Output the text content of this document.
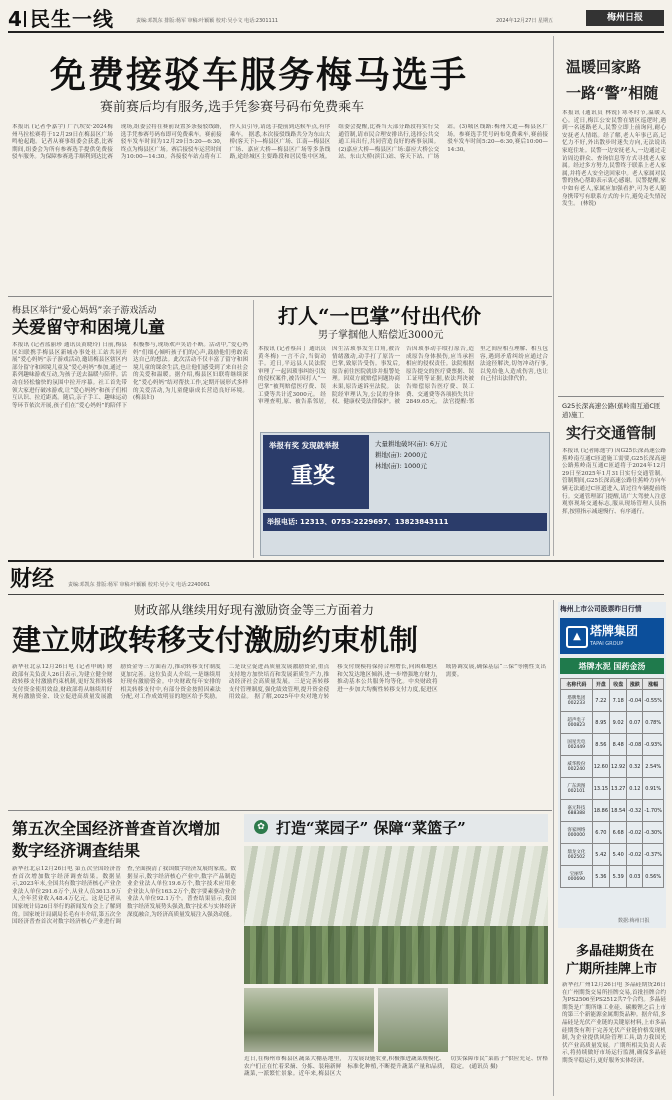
4 民生一线	责编:邓凯东 排版:杨军 审稿:叶颖颖 校对:吴小文 电话:2301111	梅州日报
2024年12月27日 星期五
免费接驳车服务梅马选手
赛前赛后均有服务,选手凭参赛号码布免费乘车
本报讯 (记者李嘉宇) 广汽埃安·2024梅州马拉松赛将于12月29日在梅县区广场鸣枪起跑。记者从赛事组委会获悉,比赛期间,组委会为所有参赛选手提供免费接驳车服务。为保障参赛选手顺利到达比赛现场,组委会将在赛前设置多条接驳线路,选手凭参赛号码布即可免费乘车。赛前接驳车发车时间为12月29日5:20—6:30,终点为梅县区广场。赛后接驳车运营时间为10:00—14:30。各接驳车站点将有工作人员引导,请选手提前到达候车点,有序乘车。 据悉,本次接驳线路共分为东山大桥(客天下)—梅县区广场、江南—梅县区广场、嘉应大桥—梅县区广场等多条线路,途经城区主要路段和居民集中区域。组委会提醒,比赛当天部分路段将实行交通管制,请市民合理安排出行,选择公共交通工具出行,共同营造良好的赛事氛围。 (2)嘉应大桥—梅县区广场:嘉应大桥公交站、东山大桥(滨江)站、客天下站、广场站。(3)城区线路:梅州大道—梅县区广场。参赛选手凭号码布免费乘车,赛前接驳车发车时间5:20—6:30,赛后10:00—14:30。
温暖回家路
一路“警”相随
本报讯 (通讯员 林锐) 寒冬时节,温暖人心。近日,梅江公安民警在辖区巡逻时,遇到一名迷路老人,民警立即上前询问,耐心安抚老人情绪。经了解,老人年事已高,记忆力不好,外出散步时迷失方向,无法说出家庭住址。民警一边安抚老人,一边通过走访周边群众、查询信息等方式寻找老人家属。经过多方努力,民警终于联系上老人家属,并将老人安全送回家中。老人家属对民警的热心帮助表示衷心感谢。民警提醒,家中如有老人,家属应加强看护,可为老人随身携带写有联系方式的卡片,避免走失情况发生。 (林锐)
梅县区举行“爱心妈妈”亲子游戏活动
关爱留守和困境儿童
本报讯 (记者蓝丽珍 通讯员黄晓玲) 日前,梅县区妇联携手梅县区新城办事处社工站共同开展“爱心妈妈”亲子游戏活动,邀请梅县区辖区内部分留守和困境儿童及“爱心妈妈”参加,通过一系列趣味游戏互动,为孩子送去温暖与陪伴。活动在轻松愉快的氛围中拉开序幕。社工首先带领大家进行破冰游戏,让“爱心妈妈”和孩子们相互认识、拉近距离。随后,亲子手工、趣味运动等环节依次开展,孩子们在“爱心妈妈”的陪伴下积极参与,现场欢声笑语不断。活动中,“爱心妈妈”们细心倾听孩子们的心声,鼓励他们勇敢表达自己的想法。此次活动不仅丰富了留守和困境儿童的课余生活,也让他们感受到了来自社会的关爱和温暖。据介绍,梅县区妇联将继续深化“爱心妈妈”结对帮扶工作,定期开展形式多样的关爱活动,为儿童健康成长营造良好环境。 (梅县妇)
打人“一巴掌”付出代价
男子掌掴他人赔偿近3000元
本报讯 (记者蔡昌丁 通讯员黄冬梅) 一言不合,当街动手。近日,平远县人民法院审理了一起因琐事纠纷引发的侵权案件,被告因打人“一巴掌”被判赔偿医疗费、误工费等共计近3000元。 经审理查明,原、被告系邻居,因生活琐事发生口角,被告情绪激动,动手打了原告一巴掌,致原告受伤。事发后,原告前往医院就诊并报警处理。因双方就赔偿问题协商未果,原告遂诉至法院。 法院经审理认为,公民的身体权、健康权受法律保护。被告因琐事动手殴打原告,造成原告身体损伤,应当承担相应的侵权责任。法院根据原告提交的医疗费票据、误工证明等证据,依法判决被告赔偿原告医疗费、误工费、交通费等各项损失共计2849.65元。 法官提醒:邻里之间应相互理解、相互包容,遇到矛盾纠纷应通过合法途径解决,切勿冲动行事,以免给他人造成伤害,也让自己付出法律代价。
举报有奖 发现就举报
重奖
大量耕地破坏(亩): 6万元
耕地(亩): 2000元
林地(亩): 1000元
举报电话: 12313、0753-2229697、13823843111
G25长深高速公路(蕉岭南互通C匝道)施工
实行交通管制
本报讯 (记者陈逸宇) 因G25长深高速公路蕉岭南互通C匝道施工需要,G25长深高速公路蕉岭南互通C匝道将于2024年12月29日至2025年1月31日实行交通管制。管制期间,G25长深高速公路往蕉岭方向车辆无法通过C匝道进入,请过往车辆提前绕行。交通管理部门提醒,请广大驾驶人注意观察现场交通标志,服从现场管理人员指挥,按照指示减速慢行、有序通行。
财经	责编:邓凯东 排版:杨军 审稿:叶颖颖 校对:吴小文 电话:2240061
财政部从继续用好现有激励资金等三方面着力
建立财政转移支付激励约束机制
新华社北京12月26日电 (记者申铖) 财政部有关负责人26日表示,为建立健全财政转移支付激励约束机制,更好发挥转移支付资金使用效益,财政部将从继续用好现有激励资金、设立促进高质量发展激励资金等三方面着力,推动转移支付制度更加完善。这位负责人介绍,一是继续用好现有激励资金。中央财政每年安排的相关转移支付中,有部分资金按照因素法分配,对工作成效明显的地区给予奖励。二是设立促进高质量发展激励资金,重点支持地方加快培育和发展新质生产力,推动经济社会高质量发展。三是完善转移支付管理制度,强化绩效管理,提升资金使用效益。 据了解,2025年中央对地方转移支付规模将保持合理增长,向困难地区和欠发达地区倾斜,进一步增强地方财力,推动基本公共服务均等化。中央财政将进一步加大均衡性转移支付力度,促进区域协调发展,确保基层“三保”等刚性支出需要。
梅州上市公司股票昨日行情
▲ 塔牌集团
TAPAI GROUP
塔牌水泥 国药金汤
名称代码	开盘	收盘	涨跌	涨幅
塔牌集团 002233	7.22	7.18	-0.04	-0.55%
超声电子 000823	8.95	9.02	0.07	0.78%
国星光电 002449	8.56	8.48	-0.08	-0.93%
威华股份 002240	12.60	12.92	0.32	2.54%
广东鸿图 002101	13.15	13.27	0.12	0.91%
嘉元科技 688388	18.86	18.54	-0.32	-1.70%
客家网络 000000	6.70	6.68	-0.02	-0.30%
鼎龙文化 002502	5.42	5.40	-0.02	-0.37%
宝丽华 000690	5.36	5.39	0.03	0.56%
数据:梅州日报
第五次全国经济普查首次增加数字经济调查结果
新华社北京12月26日电 第五次全国经济普查首次增加数字经济调查结果。数据显示,2023年末,全国共有数字经济核心产业企业法人单位291.6万个,从业人员3613.9万人,全年营业收入48.4万亿元。这是记者从国家统计局26日举行的新闻发布会上了解到的。国家统计局副局长毛有丰介绍,第五次全国经济普查首次对数字经济核心产业进行调查,全面摸清了我国数字经济发展的家底。数据显示,数字经济核心产业中,数字产品制造业企业法人单位19.6万个,数字技术应用业企业法人单位163.2万个,数字要素驱动业企业法人单位92.1万个。普查结果显示,我国数字经济发展势头强劲,数字技术与实体经济深度融合,为经济高质量发展注入强劲动能。
✿ 打造“菜园子” 保障“菜篮子”
近日,在梅州市梅县区蔬菜大棚基地里,农户们正在忙着采摘、分拣、装箱新鲜蔬菜,一派繁忙景象。近年来,梅县区大力发展设施农业,积极推进蔬菜规模化、标准化种植,不断提升蔬菜产量和品质,切实保障市民“菜篮子”供应充足、价格稳定。 (通讯员 摄)
多晶硅期货在
广期所挂牌上市
新华社广州12月26日电 多晶硅期货26日在广州期货交易所挂牌交易,首批挂牌合约为PS2506至PS2512共7个合约。多晶硅期货是广期所继工业硅、碳酸锂之后上市的第三个新能源金属期货品种。据介绍,多晶硅是光伏产业链的关键原材料,上市多晶硅期货有利于完善光伏产业链价格发现机制,为企业提供风险管理工具,助力我国光伏产业高质量发展。广期所相关负责人表示,将持续做好市场运行监测,确保多晶硅期货平稳运行,更好服务实体经济。
